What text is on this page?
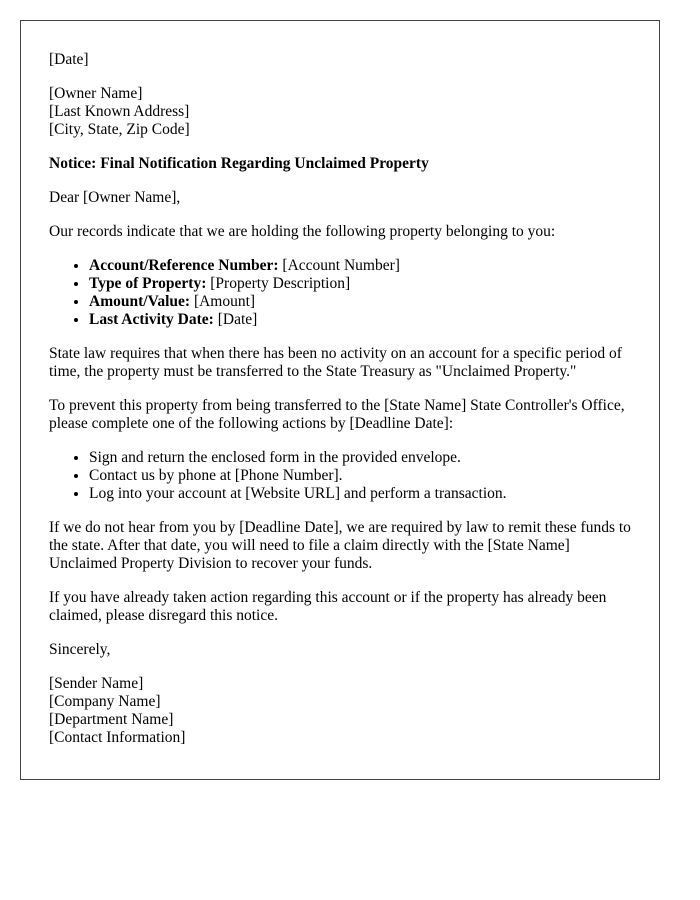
[Date]

[Owner Name]
[Last Known Address]
[City, State, Zip Code]

Notice: Final Notification Regarding Unclaimed Property

Dear [Owner Name],

Our records indicate that we are holding the following property belonging to you:

• Account/Reference Number: [Account Number]
• Type of Property: [Property Description]
• Amount/Value: [Amount]
• Last Activity Date: [Date]

State law requires that when there has been no activity on an account for a specific period of time, the property must be transferred to the State Treasury as "Unclaimed Property."

To prevent this property from being transferred to the [State Name] State Controller's Office, please complete one of the following actions by [Deadline Date]:

• Sign and return the enclosed form in the provided envelope.
• Contact us by phone at [Phone Number].
• Log into your account at [Website URL] and perform a transaction.

If we do not hear from you by [Deadline Date], we are required by law to remit these funds to the state. After that date, you will need to file a claim directly with the [State Name] Unclaimed Property Division to recover your funds.

If you have already taken action regarding this account or if the property has already been claimed, please disregard this notice.

Sincerely,

[Sender Name]
[Company Name]
[Department Name]
[Contact Information]
